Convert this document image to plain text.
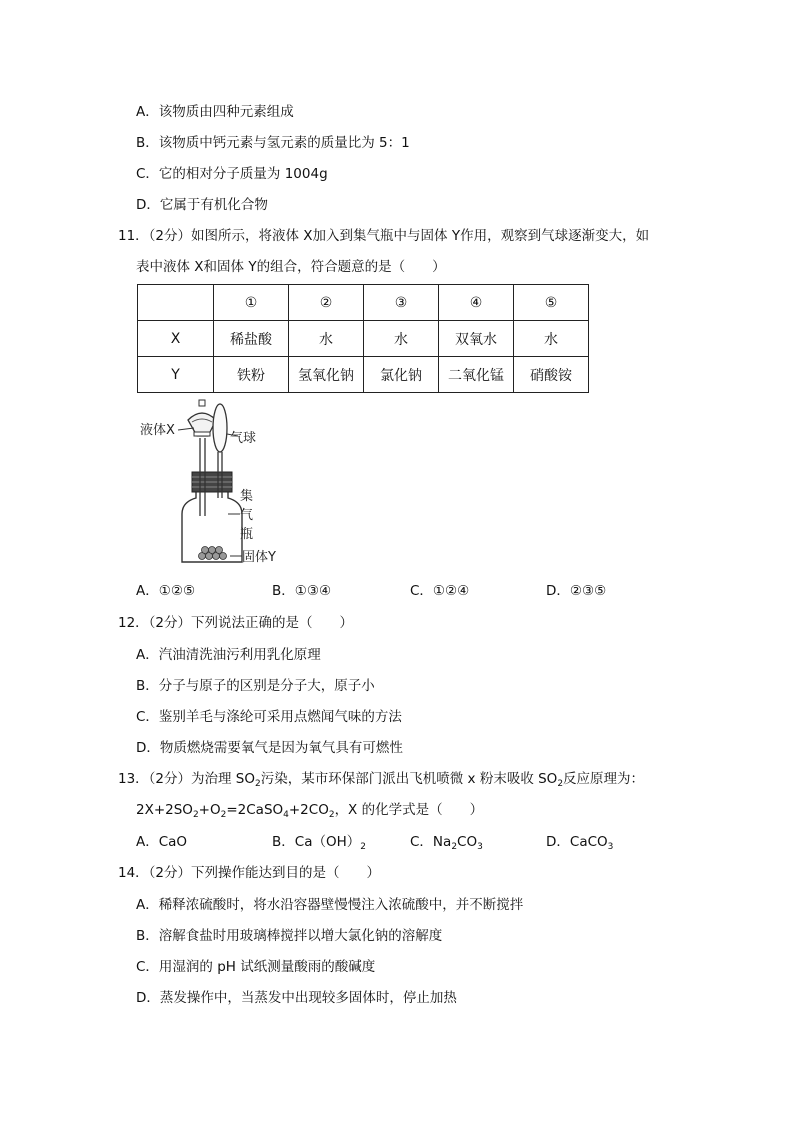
A．该物质由四种元素组成
B．该物质中钙元素与氢元素的质量比为 5：1
C．它的相对分子质量为 1004g
D．它属于有机化合物
11．（2分）如图所示，将液体 X加入到集气瓶中与固体 Y作用，观察到气球逐渐变大，如
表中液体 X和固体 Y的组合，符合题意的是（　　）
	①	②	③	④	⑤
X	稀盐酸	水	水	双氧水	水
Y	铁粉	氢氧化钠	氯化钠	二氧化锰	硝酸铵
液体X
气球
集
气
瓶
固体Y
A．①②⑤	B．①③④	C．①②④	D．②③⑤
12．（2分）下列说法正确的是（　　）
A．汽油清洗油污利用乳化原理
B．分子与原子的区别是分子大，原子小
C．鉴别羊毛与涤纶可采用点燃闻气味的方法
D．物质燃烧需要氧气是因为氧气具有可燃性
13．（2分）为治理 $SO_2$污染，某市环保部门派出飞机喷微 x 粉末吸收 $SO_2$反应原理为：
$2X+2SO_2+O_2=2CaSO_4+2CO_2$，X 的化学式是（　　）
A．CaO	B．$Ca(OH)_2$	C．$Na_2CO_3$	D．CaCO$_3$
14．（2分）下列操作能达到目的是（　　）
A．稀释浓硫酸时，将水沿容器壁慢慢注入浓硫酸中，并不断搅拌
B．溶解食盐时用玻璃棒搅拌以增大氯化钠的溶解度
C．用湿润的 pH 试纸测量酸雨的酸碱度
D．蒸发操作中，当蒸发中出现较多固体时，停止加热
